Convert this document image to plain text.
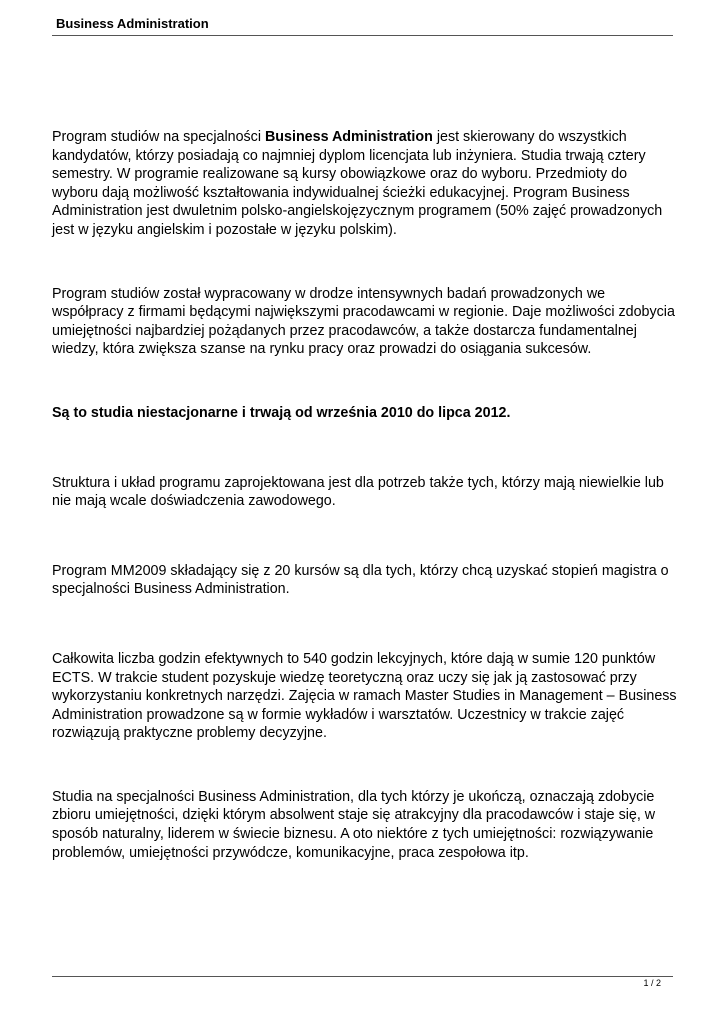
Business Administration

Program studiów na specjalności Business Administration jest skierowany do wszystkich kandydatów, którzy posiadają co najmniej dyplom licencjata lub inżyniera. Studia trwają cztery semestry. W programie realizowane są kursy obowiązkowe oraz do wyboru. Przedmioty do wyboru dają możliwość kształtowania indywidualnej ścieżki edukacyjnej. Program Business Administration jest dwuletnim polsko-angielskojęzycznym programem (50% zajęć prowadzonych jest w języku angielskim i pozostałe w języku polskim).

Program studiów został wypracowany w drodze intensywnych badań prowadzonych we współpracy z firmami będącymi największymi pracodawcami w regionie. Daje możliwości zdobycia umiejętności najbardziej pożądanych przez pracodawców, a także dostarcza fundamentalnej wiedzy, która zwiększa szanse na rynku pracy oraz prowadzi do osiągania sukcesów.

Są to studia niestacjonarne i trwają od września 2010 do lipca 2012.

Struktura i układ programu zaprojektowana jest dla potrzeb także tych, którzy mają niewielkie lub nie mają wcale doświadczenia zawodowego.

Program MM2009 składający się z 20 kursów są dla tych, którzy chcą uzyskać stopień magistra o specjalności Business Administration.

Całkowita liczba godzin efektywnych to 540 godzin lekcyjnych, które dają w sumie 120 punktów ECTS. W trakcie student pozyskuje wiedzę teoretyczną oraz uczy się jak ją zastosować przy wykorzystaniu konkretnych narzędzi. Zajęcia w ramach Master Studies in Management – Business Administration prowadzone są w formie wykładów i warsztatów. Uczestnicy w trakcie zajęć rozwiązują praktyczne problemy decyzyjne.

Studia na specjalności Business Administration, dla tych którzy je ukończą, oznaczają zdobycie zbioru umiejętności, dzięki którym absolwent staje się atrakcyjny dla pracodawców i staje się, w sposób naturalny, liderem w świecie biznesu. A oto niektóre z tych umiejętności: rozwiązywanie problemów, umiejętności przywódcze, komunikacyjne, praca zespołowa itp.

1 / 2
